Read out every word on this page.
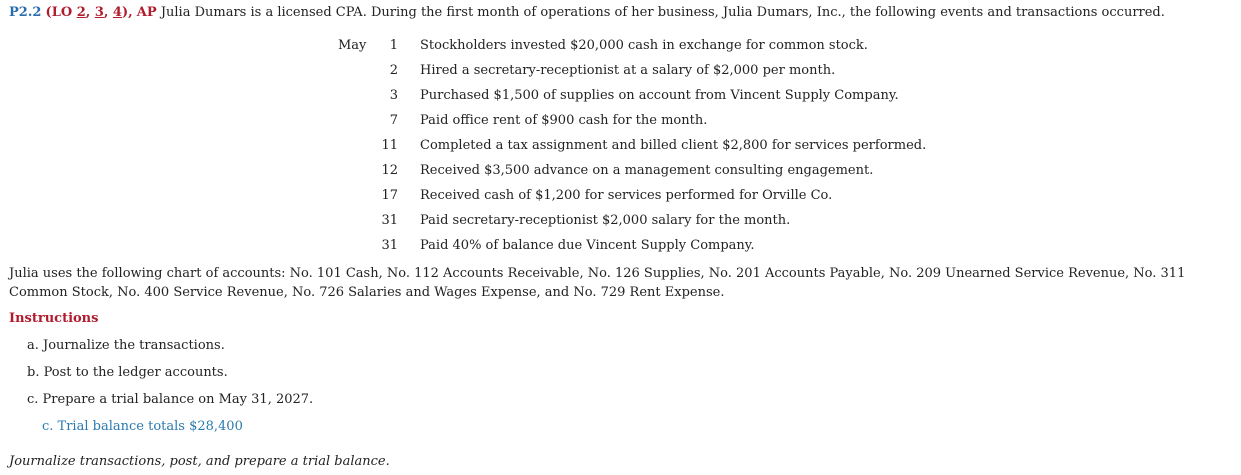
P2.2 (LO 2, 3, 4), AP Julia Dumars is a licensed CPA. During the first month of operations of her business, Julia Dumars, Inc., the following events and transactions occurred.
May	1	Stockholders invested $20,000 cash in exchange for common stock.
	2	Hired a secretary-receptionist at a salary of $2,000 per month.
	3	Purchased $1,500 of supplies on account from Vincent Supply Company.
	7	Paid office rent of $900 cash for the month.
	11	Completed a tax assignment and billed client $2,800 for services performed.
	12	Received $3,500 advance on a management consulting engagement.
	17	Received cash of $1,200 for services performed for Orville Co.
	31	Paid secretary-receptionist $2,000 salary for the month.
	31	Paid 40% of balance due Vincent Supply Company.
Julia uses the following chart of accounts: No. 101 Cash, No. 112 Accounts Receivable, No. 126 Supplies, No. 201 Accounts Payable, No. 209 Unearned Service Revenue, No. 311 Common Stock, No. 400 Service Revenue, No. 726 Salaries and Wages Expense, and No. 729 Rent Expense.
Instructions
a. Journalize the transactions.
b. Post to the ledger accounts.
c. Prepare a trial balance on May 31, 2027.
c. Trial balance totals $28,400
Journalize transactions, post, and prepare a trial balance.
